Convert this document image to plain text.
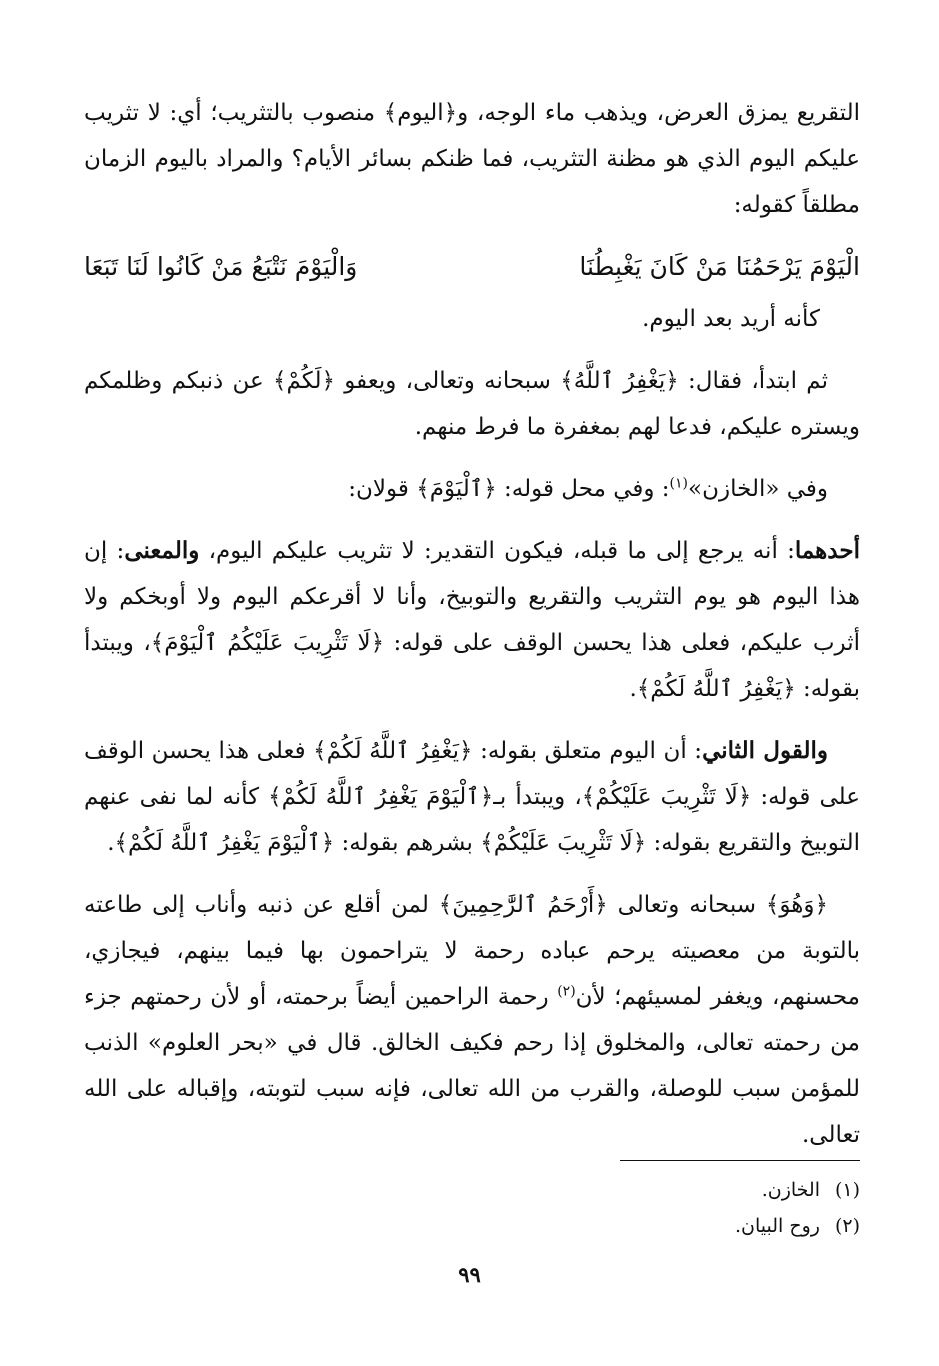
التقريع يمزق العرض، ويذهب ماء الوجه، و﴿اليوم﴾ منصوب بالتثريب؛ أي: لا تثريب عليكم اليوم الذي هو مظنة التثريب، فما ظنكم بسائر الأيام؟ والمراد باليوم الزمان مطلقاً كقوله:

الْيَوْمَ يَرْحَمُنَا مَنْ كَانَ يَغْبِطُنَا
وَالْيَوْمَ نَتْبَعُ مَنْ كَانُوا لَنَا تَبَعَا

كأنه أريد بعد اليوم.

ثم ابتدأ، فقال: ﴿يَغْفِرُ ٱللَّهُ﴾ سبحانه وتعالى، ويعفو ﴿لَكُمْ﴾ عن ذنبكم وظلمكم ويستره عليكم، فدعا لهم بمغفرة ما فرط منهم.

وفي «الخازن»$^{(١)}$: وفي محل قوله: ﴿ٱلْيَوْمَ﴾ قولان:

أحدهما: أنه يرجع إلى ما قبله، فيكون التقدير: لا تثريب عليكم اليوم، والمعنى: إن هذا اليوم هو يوم التثريب والتقريع والتوبيخ، وأنا لا أقرعكم اليوم ولا أوبخكم ولا أثرب عليكم، فعلى هذا يحسن الوقف على قوله: ﴿لَا تَثْرِيبَ عَلَيْكُمُ ٱلْيَوْمَ﴾، ويبتدأ بقوله: ﴿يَغْفِرُ ٱللَّهُ لَكُمْ﴾.

والقول الثاني: أن اليوم متعلق بقوله: ﴿يَغْفِرُ ٱللَّهُ لَكُمْ﴾ فعلى هذا يحسن الوقف على قوله: ﴿لَا تَثْرِيبَ عَلَيْكُمْ﴾، ويبتدأ بـ﴿ٱلْيَوْمَ يَغْفِرُ ٱللَّهُ لَكُمْ﴾ كأنه لما نفى عنهم التوبيخ والتقريع بقوله: ﴿لَا تَثْرِيبَ عَلَيْكُمْ﴾ بشرهم بقوله: ﴿ٱلْيَوْمَ يَغْفِرُ ٱللَّهُ لَكُمْ﴾.

﴿وَهُوَ﴾ سبحانه وتعالى ﴿أَرْحَمُ ٱلرَّٰحِمِينَ﴾ لمن أقلع عن ذنبه وأناب إلى طاعته بالتوبة من معصيته يرحم عباده رحمة لا يتراحمون بها فيما بينهم، فيجازي، محسنهم، ويغفر لمسيئهم؛ لأن$^{(٢)}$ رحمة الراحمين أيضاً برحمته، أو لأن رحمتهم جزء من رحمته تعالى، والمخلوق إذا رحم فكيف الخالق. قال في «بحر العلوم» الذنب للمؤمن سبب للوصلة، والقرب من الله تعالى، فإنه سبب لتوبته، وإقباله على الله تعالى.

(١)الخازن.
(٢)روح البيان.
٩٩
